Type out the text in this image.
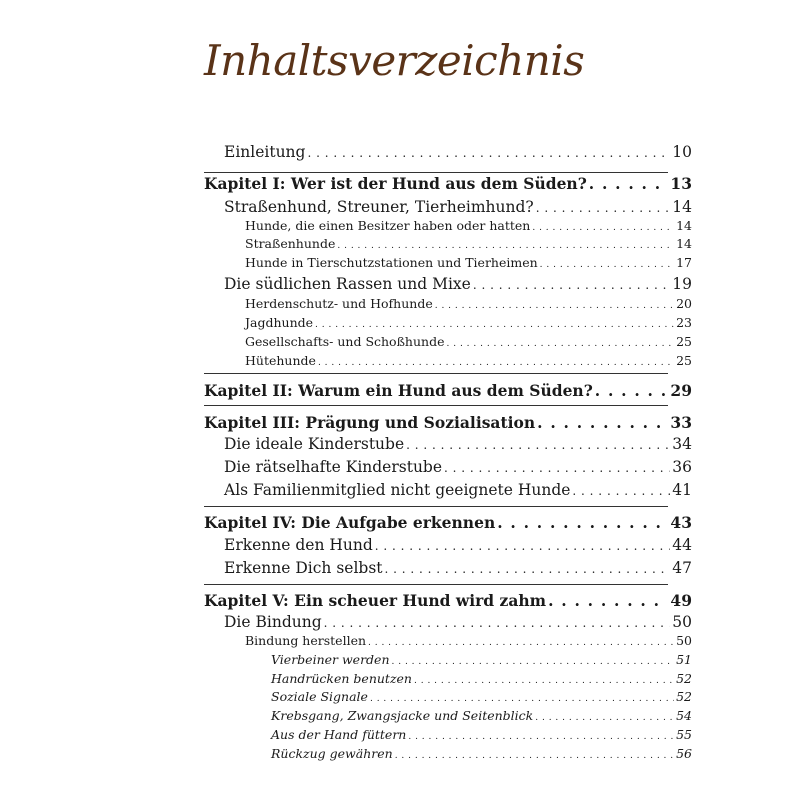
Inhaltsverzeichnis
Einleitung . . .	10
Kapitel I: Wer ist der Hund aus dem Süden? . . .	13
Straßenhund, Streuner, Tierheimhund? . . .	14
Hunde, die einen Besitzer haben oder hatten . . .	14
Straßenhunde . . .	14
Hunde in Tierschutzstationen und Tierheimen . . .	17
Die südlichen Rassen und Mixe . . .	19
Herdenschutz- und Hofhunde . . .	20
Jagdhunde . . .	23
Gesellschafts- und Schoßhunde . . .	25
Hütehunde . . .	25
Kapitel II: Warum ein Hund aus dem Süden? . . .	29
Kapitel III: Prägung und Sozialisation . . .	33
Die ideale Kinderstube . . .	34
Die rätselhafte Kinderstube . . .	36
Als Familienmitglied nicht geeignete Hunde . . .	41
Kapitel IV: Die Aufgabe erkennen . . .	43
Erkenne den Hund . . .	44
Erkenne Dich selbst . . .	47
Kapitel V: Ein scheuer Hund wird zahm . . .	49
Die Bindung . . .	50
Bindung herstellen . . .	50
Vierbeiner werden . . .	51
Handrücken benutzen . . .	52
Soziale Signale . . .	52
Krebsgang, Zwangsjacke und Seitenblick . . .	54
Aus der Hand füttern . . .	55
Rückzug gewähren . . .	56
